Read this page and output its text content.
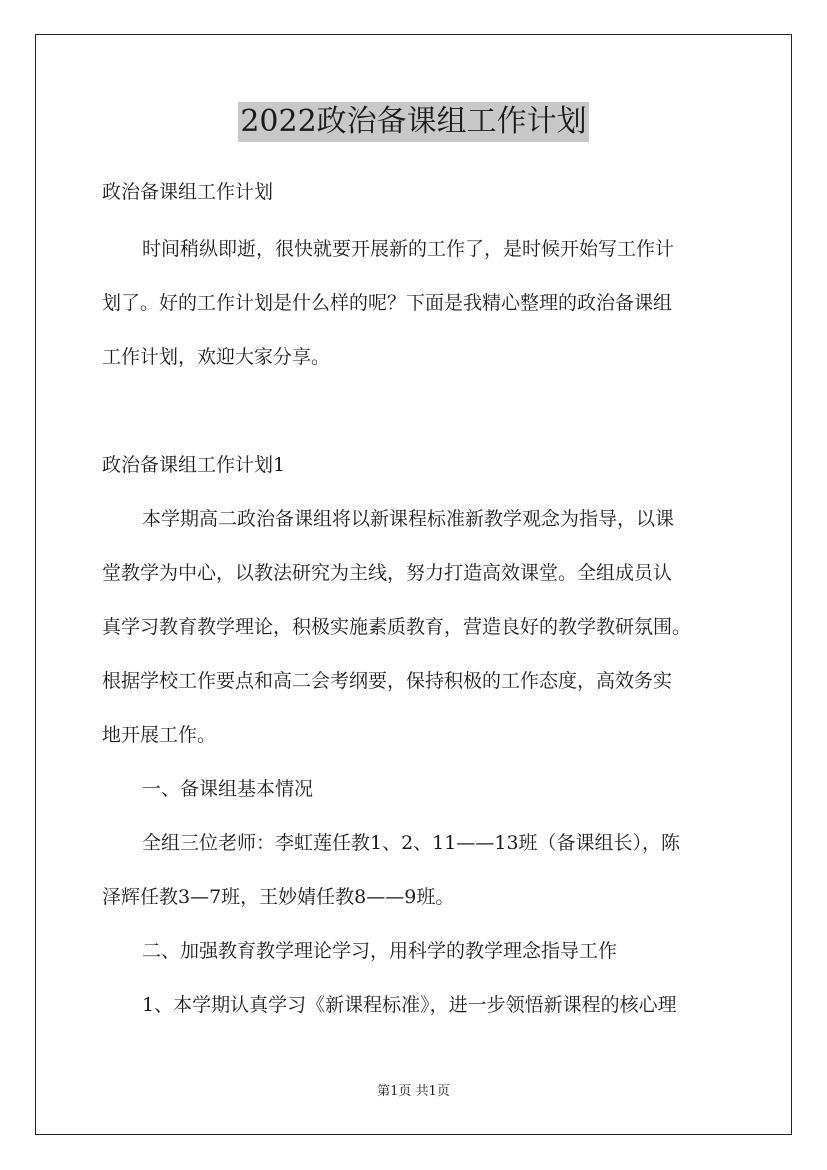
2022政治备课组工作计划
政治备课组工作计划
时间稍纵即逝，很快就要开展新的工作了，是时候开始写工作计
划了。好的工作计划是什么样的呢？下面是我精心整理的政治备课组
工作计划，欢迎大家分享。
政治备课组工作计划1
本学期高二政治备课组将以新课程标准新教学观念为指导，以课
堂教学为中心，以教法研究为主线，努力打造高效课堂。全组成员认
真学习教育教学理论，积极实施素质教育，营造良好的教学教研氛围。
根据学校工作要点和高二会考纲要，保持积极的工作态度，高效务实
地开展工作。
一、备课组基本情况
全组三位老师：李虹莲任教1、2、11——13班（备课组长），陈
泽辉任教3—7班，王妙婧任教8——9班。
二、加强教育教学理论学习，用科学的教学理念指导工作
1、本学期认真学习《新课程标准》，进一步领悟新课程的核心理
第1页 共1页
